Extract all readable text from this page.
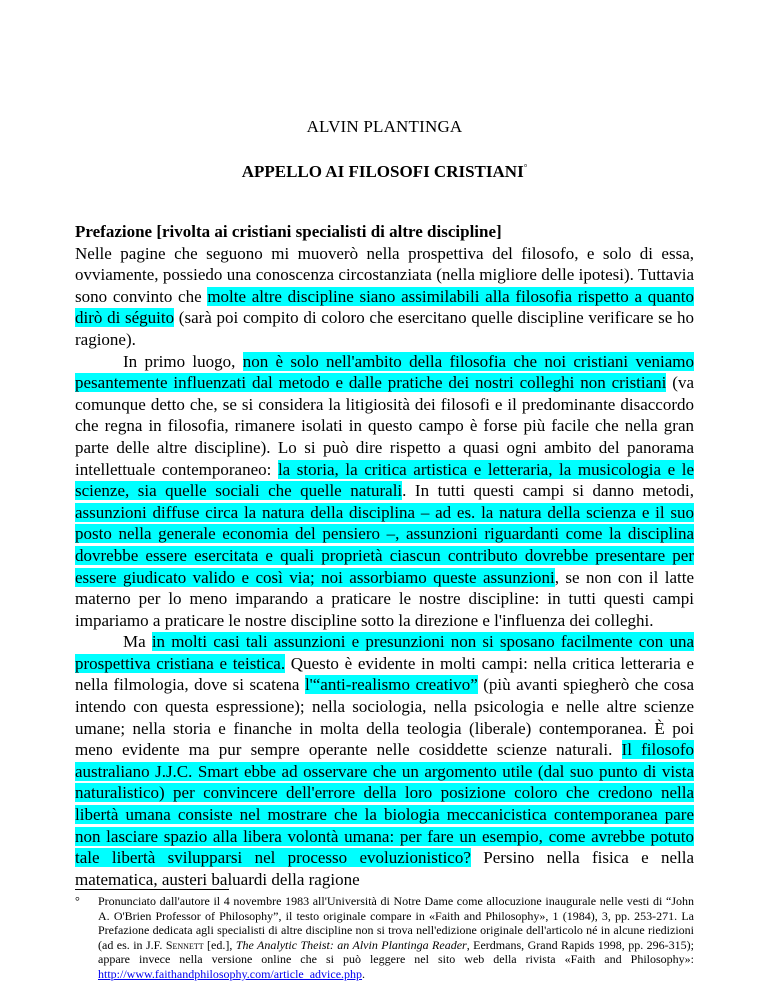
ALVIN PLANTINGA
APPELLO AI FILOSOFI CRISTIANI°

Prefazione [rivolta ai cristiani specialisti di altre discipline]

Nelle pagine che seguono mi muoverò nella prospettiva del filosofo, e solo di essa, ovviamente, possiedo una conoscenza circostanziata (nella migliore delle ipotesi). Tuttavia sono convinto che molte altre discipline siano assimilabili alla filosofia rispetto a quanto dirò di séguito (sarà poi compito di coloro che esercitano quelle discipline verificare se ho ragione).

In primo luogo, non è solo nell'ambito della filosofia che noi cristiani veniamo pesantemente influenzati dal metodo e dalle pratiche dei nostri colleghi non cristiani (va comunque detto che, se si considera la litigiosità dei filosofi e il predominante disaccordo che regna in filosofia, rimanere isolati in questo campo è forse più facile che nella gran parte delle altre discipline). Lo si può dire rispetto a quasi ogni ambito del panorama intellettuale contemporaneo: la storia, la critica artistica e letteraria, la musicologia e le scienze, sia quelle sociali che quelle naturali. In tutti questi campi si danno metodi, assunzioni diffuse circa la natura della disciplina – ad es. la natura della scienza e il suo posto nella generale economia del pensiero –, assunzioni riguardanti come la disciplina dovrebbe essere esercitata e quali proprietà ciascun contributo dovrebbe presentare per essere giudicato valido e così via; noi assorbiamo queste assunzioni, se non con il latte materno per lo meno imparando a praticare le nostre discipline: in tutti questi campi impariamo a praticare le nostre discipline sotto la direzione e l'influenza dei colleghi.

Ma in molti casi tali assunzioni e presunzioni non si sposano facilmente con una prospettiva cristiana e teistica. Questo è evidente in molti campi: nella critica letteraria e nella filmologia, dove si scatena l'“anti-realismo creativo” (più avanti spiegherò che cosa intendo con questa espressione); nella sociologia, nella psicologia e nelle altre scienze umane; nella storia e finanche in molta della teologia (liberale) contemporanea. È poi meno evidente ma pur sempre operante nelle cosiddette scienze naturali. Il filosofo australiano J.J.C. Smart ebbe ad osservare che un argomento utile (dal suo punto di vista naturalistico) per convincere dell'errore della loro posizione coloro che credono nella libertà umana consiste nel mostrare che la biologia meccanicistica contemporanea pare non lasciare spazio alla libera volontà umana: per fare un esempio, come avrebbe potuto tale libertà svilupparsi nel processo evoluzionistico? Persino nella fisica e nella matematica, austeri baluardi della ragione

° Pronunciato dall'autore il 4 novembre 1983 all'Università di Notre Dame come allocuzione inaugurale nelle vesti di “John A. O'Brien Professor of Philosophy”, il testo originale compare in «Faith and Philosophy», 1 (1984), 3, pp. 253-271. La Prefazione dedicata agli specialisti di altre discipline non si trova nell'edizione originale dell'articolo né in alcune riedizioni (ad es. in J.F. Sennett [ed.], The Analytic Theist: an Alvin Plantinga Reader, Eerdmans, Grand Rapids 1998, pp. 296-315); appare invece nella versione online che si può leggere nel sito web della rivista «Faith and Philosophy»: http://www.faithandphilosophy.com/article_advice.php.
